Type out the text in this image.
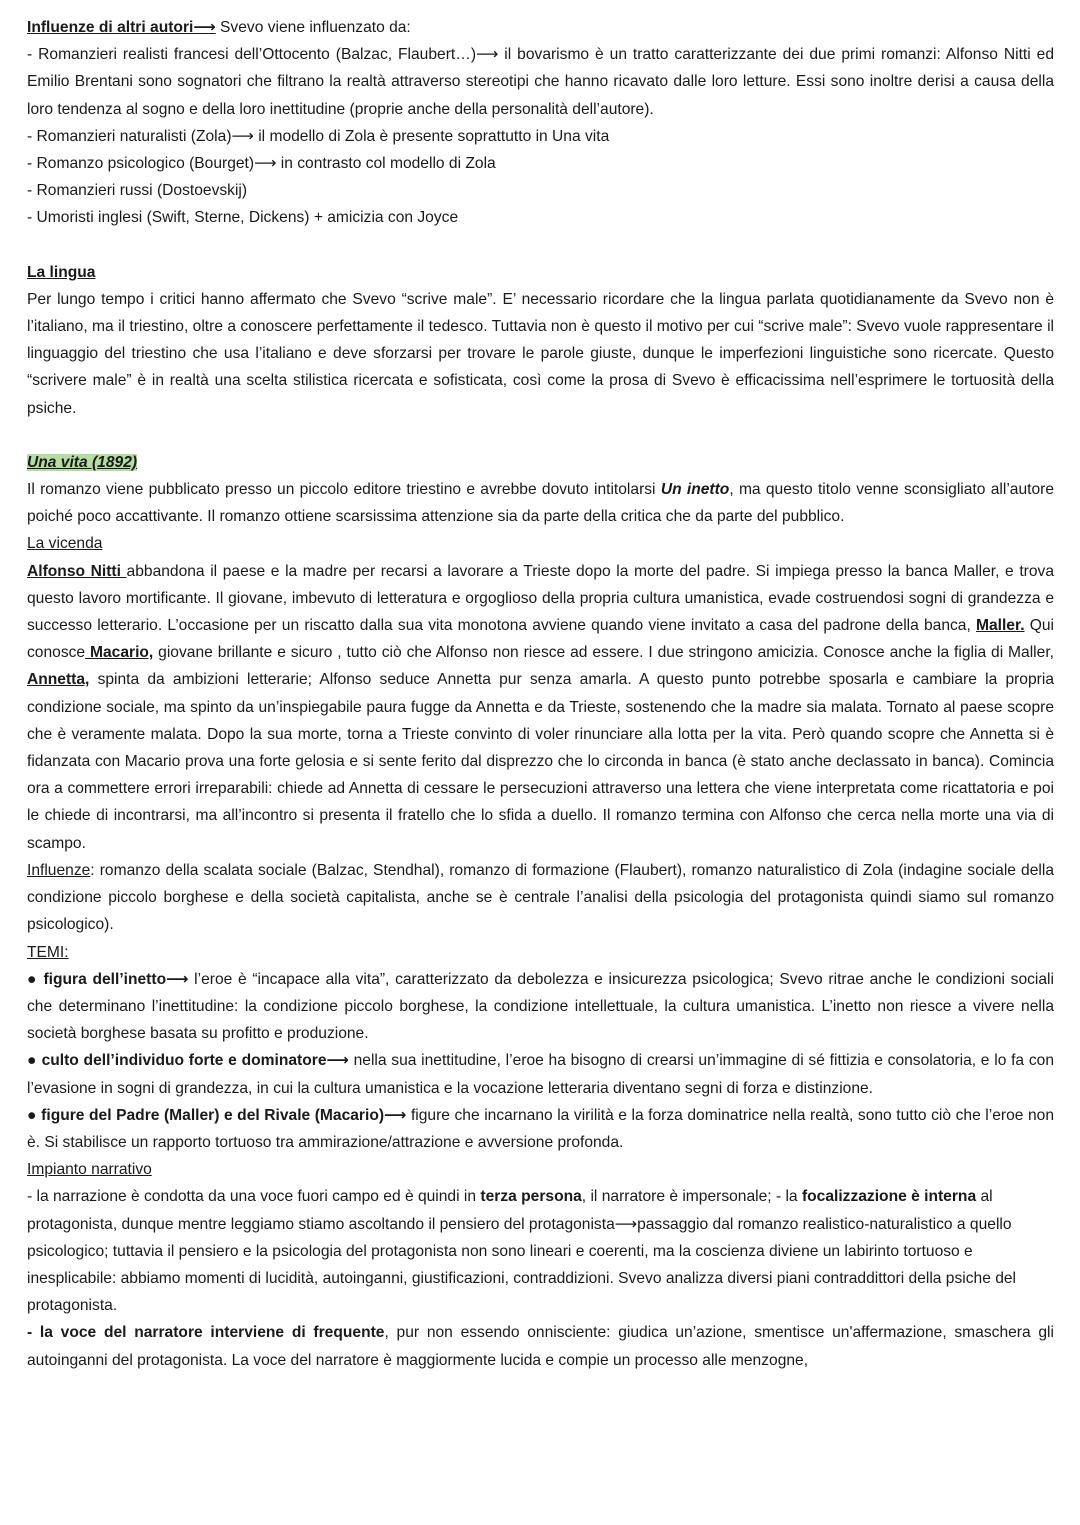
Influenze di altri autori⟶ Svevo viene influenzato da:

- Romanzieri realisti francesi dell’Ottocento (Balzac, Flaubert…)⟶ il bovarismo è un tratto caratterizzante dei due primi romanzi: Alfonso Nitti ed Emilio Brentani sono sognatori che filtrano la realtà attraverso stereotipi che hanno ricavato dalle loro letture. Essi sono inoltre derisi a causa della loro tendenza al sogno e della loro inettitudine (proprie anche della personalità dell’autore).

- Romanzieri naturalisti (Zola)⟶ il modello di Zola è presente soprattutto in Una vita

- Romanzo psicologico (Bourget)⟶ in contrasto col modello di Zola

- Romanzieri russi (Dostoevskij)

- Umoristi inglesi (Swift, Sterne, Dickens) + amicizia con Joyce

La lingua

Per lungo tempo i critici hanno affermato che Svevo “scrive male”. E’ necessario ricordare che la lingua parlata quotidianamente da Svevo non è l’italiano, ma il triestino, oltre a conoscere perfettamente il tedesco. Tuttavia non è questo il motivo per cui “scrive male”: Svevo vuole rappresentare il linguaggio del triestino che usa l’italiano e deve sforzarsi per trovare le parole giuste, dunque le imperfezioni linguistiche sono ricercate. Questo “scrivere male” è in realtà una scelta stilistica ricercata e sofisticata, così come la prosa di Svevo è efficacissima nell’esprimere le tortuosità della psiche.

Una vita (1892)

Il romanzo viene pubblicato presso un piccolo editore triestino e avrebbe dovuto intitolarsi Un inetto, ma questo titolo venne sconsigliato all’autore poiché poco accattivante. Il romanzo ottiene scarsissima attenzione sia da parte della critica che da parte del pubblico.

La vicenda

Alfonso Nitti abbandona il paese e la madre per recarsi a lavorare a Trieste dopo la morte del padre. Si impiega presso la banca Maller, e trova questo lavoro mortificante. Il giovane, imbevuto di letteratura e orgoglioso della propria cultura umanistica, evade costruendosi sogni di grandezza e successo letterario. L’occasione per un riscatto dalla sua vita monotona avviene quando viene invitato a casa del padrone della banca, Maller. Qui conosce Macario, giovane brillante e sicuro , tutto ciò che Alfonso non riesce ad essere. I due stringono amicizia. Conosce anche la figlia di Maller, Annetta, spinta da ambizioni letterarie; Alfonso seduce Annetta pur senza amarla. A questo punto potrebbe sposarla e cambiare la propria condizione sociale, ma spinto da un’inspiegabile paura fugge da Annetta e da Trieste, sostenendo che la madre sia malata. Tornato al paese scopre che è veramente malata. Dopo la sua morte, torna a Trieste convinto di voler rinunciare alla lotta per la vita. Però quando scopre che Annetta si è fidanzata con Macario prova una forte gelosia e si sente ferito dal disprezzo che lo circonda in banca (è stato anche declassato in banca). Comincia ora a commettere errori irreparabili: chiede ad Annetta di cessare le persecuzioni attraverso una lettera che viene interpretata come ricattatoria e poi le chiede di incontrarsi, ma all’incontro si presenta il fratello che lo sfida a duello. Il romanzo termina con Alfonso che cerca nella morte una via di scampo.

Influenze: romanzo della scalata sociale (Balzac, Stendhal), romanzo di formazione (Flaubert), romanzo naturalistico di Zola (indagine sociale della condizione piccolo borghese e della società capitalista, anche se è centrale l’analisi della psicologia del protagonista quindi siamo sul romanzo psicologico).

TEMI:

● figura dell’inetto⟶ l’eroe è “incapace alla vita”, caratterizzato da debolezza e insicurezza psicologica; Svevo ritrae anche le condizioni sociali che determinano l’inettitudine: la condizione piccolo borghese, la condizione intellettuale, la cultura umanistica. L’inetto non riesce a vivere nella società borghese basata su profitto e produzione.

● culto dell’individuo forte e dominatore⟶ nella sua inettitudine, l’eroe ha bisogno di crearsi un’immagine di sé fittizia e consolatoria, e lo fa con l’evasione in sogni di grandezza, in cui la cultura umanistica e la vocazione letteraria diventano segni di forza e distinzione.

● figure del Padre (Maller) e del Rivale (Macario)⟶ figure che incarnano la virilità e la forza dominatrice nella realtà, sono tutto ciò che l’eroe non è. Si stabilisce un rapporto tortuoso tra ammirazione/attrazione e avversione profonda.

Impianto narrativo

- la narrazione è condotta da una voce fuori campo ed è quindi in terza persona, il narratore è impersonale; - la focalizzazione è interna al protagonista, dunque mentre leggiamo stiamo ascoltando il pensiero del protagonista⟶passaggio dal romanzo realistico-naturalistico a quello psicologico; tuttavia il pensiero e la psicologia del protagonista non sono lineari e coerenti, ma la coscienza diviene un labirinto tortuoso e inesplicabile: abbiamo momenti di lucidità, autoinganni, giustificazioni, contraddizioni. Svevo analizza diversi piani contraddittori della psiche del protagonista.

- la voce del narratore interviene di frequente, pur non essendo onnisciente: giudica un’azione, smentisce un'affermazione, smaschera gli autoinganni del protagonista. La voce del narratore è maggiormente lucida e compie un processo alle menzogne,
